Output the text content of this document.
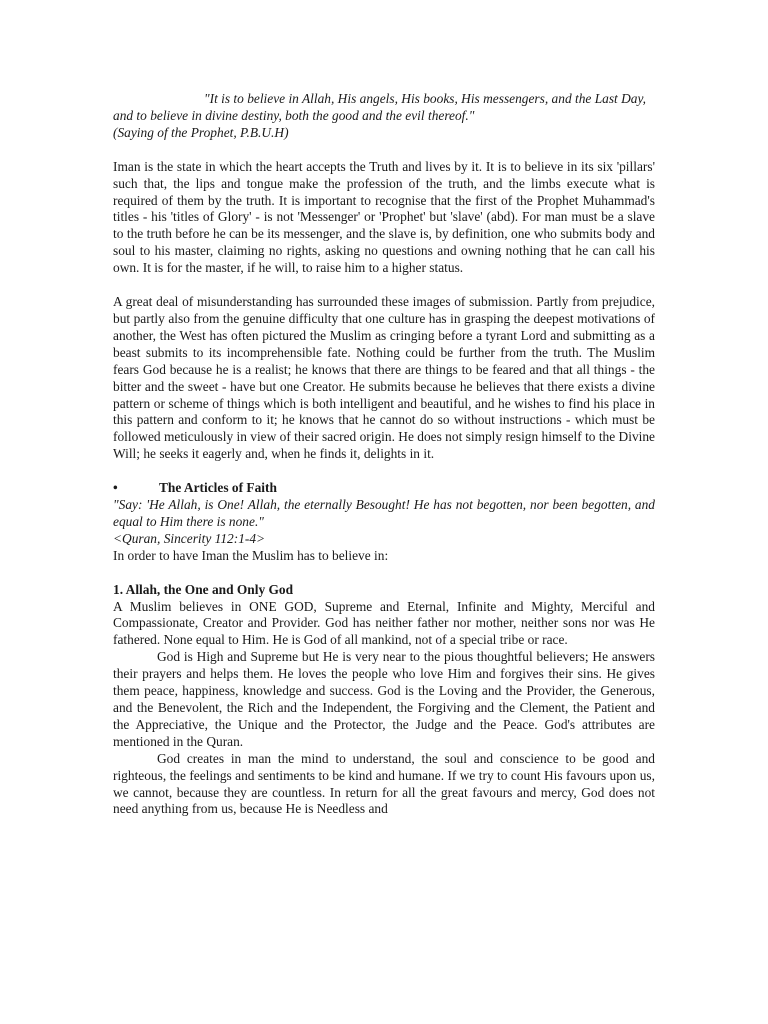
"It is to believe in Allah, His angels, His books, His messengers, and the Last Day, and to believe in divine destiny, both the good and the evil thereof."

(Saying of the Prophet, P.B.U.H)

Iman is the state in which the heart accepts the Truth and lives by it. It is to believe in its six 'pillars' such that, the lips and tongue make the profession of the truth, and the limbs execute what is required of them by the truth. It is important to recognise that the first of the Prophet Muhammad's titles - his 'titles of Glory' - is not 'Messenger' or 'Prophet' but 'slave' (abd). For man must be a slave to the truth before he can be its messenger, and the slave is, by definition, one who submits body and soul to his master, claiming no rights, asking no questions and owning nothing that he can call his own. It is for the master, if he will, to raise him to a higher status.

A great deal of misunderstanding has surrounded these images of submission. Partly from prejudice, but partly also from the genuine difficulty that one culture has in grasping the deepest motivations of another, the West has often pictured the Muslim as cringing before a tyrant Lord and submitting as a beast submits to its incomprehensible fate. Nothing could be further from the truth. The Muslim fears God because he is a realist; he knows that there are things to be feared and that all things - the bitter and the sweet - have but one Creator. He submits because he believes that there exists a divine pattern or scheme of things which is both intelligent and beautiful, and he wishes to find his place in this pattern and conform to it; he knows that he cannot do so without instructions - which must be followed meticulously in view of their sacred origin. He does not simply resign himself to the Divine Will; he seeks it eagerly and, when he finds it, delights in it.

•	The Articles of Faith

"Say: 'He Allah, is One! Allah, the eternally Besought! He has not begotten, nor been begotten, and equal to Him there is none."

<Quran, Sincerity 112:1-4>

In order to have Iman the Muslim has to believe in:

1. Allah, the One and Only God

A Muslim believes in ONE GOD, Supreme and Eternal, Infinite and Mighty, Merciful and Compassionate, Creator and Provider. God has neither father nor mother, neither sons nor was He fathered. None equal to Him. He is God of all mankind, not of a special tribe or race.

God is High and Supreme but He is very near to the pious thoughtful believers; He answers their prayers and helps them. He loves the people who love Him and forgives their sins. He gives them peace, happiness, knowledge and success. God is the Loving and the Provider, the Generous, and the Benevolent, the Rich and the Independent, the Forgiving and the Clement, the Patient and the Appreciative, the Unique and the Protector, the Judge and the Peace. God's attributes are mentioned in the Quran.

God creates in man the mind to understand, the soul and conscience to be good and righteous, the feelings and sentiments to be kind and humane. If we try to count His favours upon us, we cannot, because they are countless. In return for all the great favours and mercy, God does not need anything from us, because He is Needless and
